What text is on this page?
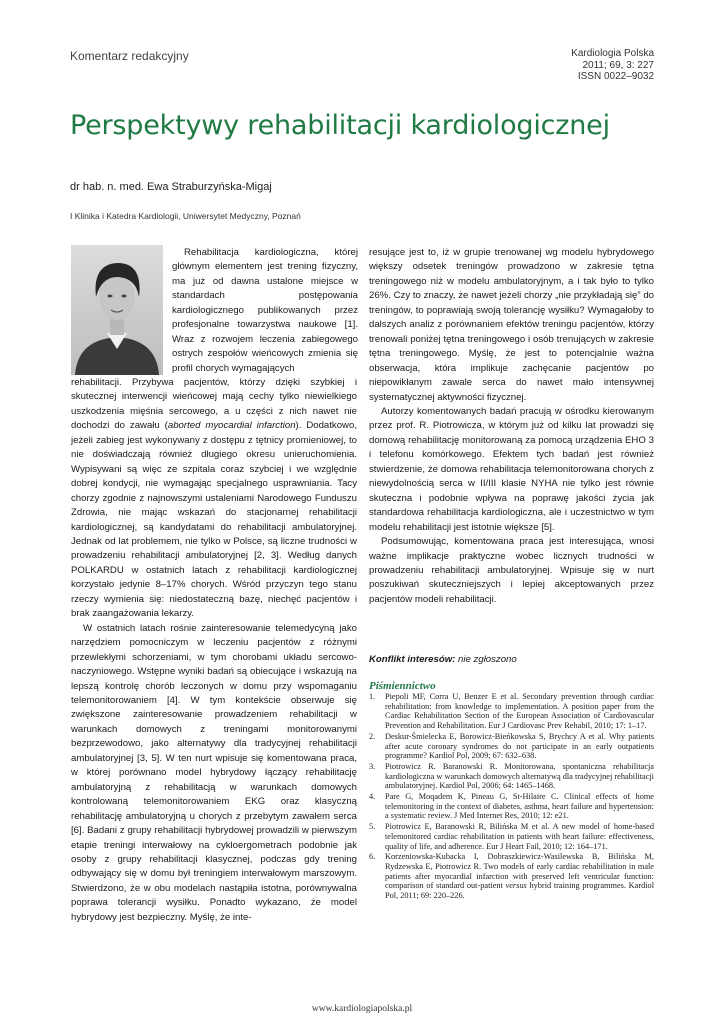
Komentarz redakcyjny	Kardiologia Polska
2011; 69, 3: 227
ISSN 0022–9032
Perspektywy rehabilitacji kardiologicznej
dr hab. n. med. Ewa Straburzyńska-Migaj
I Klinika i Katedra Kardiologii, Uniwersytet Medyczny, Poznań

Rehabilitacja kardiologiczna, której głównym elementem jest trening fizyczny, ma już od dawna ustalone miejsce w standardach postępowania kardiologicznego publikowanych przez profesjonalne towarzystwa naukowe [1]. Wraz z rozwojem leczenia zabiegowego ostrych zespołów wieńcowych zmienia się profil chorych wymagających

rehabilitacji. Przybywa pacjentów, którzy dzięki szybkiej i skutecznej interwencji wieńcowej mają cechy tylko niewielkiego uszkodzenia mięśnia sercowego, a u części z nich nawet nie dochodzi do zawału (aborted myocardial infarction). Dodatkowo, jeżeli zabieg jest wykonywany z dostępu z tętnicy promieniowej, to nie doświadczają również długiego okresu unieruchomienia. Wypisywani są więc ze szpitala coraz szybciej i we względnie dobrej kondycji, nie wymagając specjalnego usprawniania. Tacy chorzy zgodnie z najnowszymi ustaleniami Narodowego Funduszu Zdrowia, nie mając wskazań do stacjonarnej rehabilitacji kardiologicznej, są kandydatami do rehabilitacji ambulatoryjnej. Jednak od lat problemem, nie tylko w Polsce, są liczne trudności w prowadzeniu rehabilitacji ambulatoryjnej [2, 3]. Według danych POLKARDU w ostatnich latach z rehabilitacji kardiologicznej korzystało jedynie 8–17% chorych. Wśród przyczyn tego stanu rzeczy wymienia się: niedostateczną bazę, niechęć pacjentów i brak zaangażowania lekarzy.

W ostatnich latach rośnie zainteresowanie telemedycyną jako narzędziem pomocniczym w leczeniu pacjentów z różnymi przewlekłymi schorzeniami, w tym chorobami układu sercowo-naczyniowego. Wstępne wyniki badań są obiecujące i wskazują na lepszą kontrolę chorób leczonych w domu przy wspomaganiu telemonitorowaniem [4]. W tym kontekście obserwuje się zwiększone zainteresowanie prowadzeniem rehabilitacji w warunkach domowych z treningami monitorowanymi bezprzewodowo, jako alternatywy dla tradycyjnej rehabilitacji ambulatoryjnej [3, 5]. W ten nurt wpisuje się komentowana praca, w której porównano model hybrydowy łączący rehabilitację ambulatoryjną z rehabilitacją w warunkach domowych kontrolowaną telemonitorowaniem EKG oraz klasyczną rehabilitację ambulatoryjną u chorych z przebytym zawałem serca [6]. Badani z grupy rehabilitacji hybrydowej prowadzili w pierwszym etapie treningi interwałowy na cykloergometrach podobnie jak osoby z grupy rehabilitacji klasycznej, podczas gdy trening odbywający się w domu był treningiem interwałowym marszowym. Stwierdzono, że w obu modelach nastąpiła istotna, porównywalna poprawa tolerancji wysiłku. Ponadto wykazano, że model hybrydowy jest bezpieczny. Myślę, że inte-

resujące jest to, iż w grupie trenowanej wg modelu hybrydowego większy odsetek treningów prowadzono w zakresie tętna treningowego niż w modelu ambulatoryjnym, a i tak było to tylko 26%. Czy to znaczy, że nawet jeżeli chorzy „nie przykładają się” do treningów, to poprawiają swoją tolerancję wysiłku? Wymagałoby to dalszych analiz z porównaniem efektów treningu pacjentów, którzy trenowali poniżej tętna treningowego i osób trenujących w zakresie tętna treningowego. Myślę, że jest to potencjalnie ważna obserwacja, która implikuje zachęcanie pacjentów po niepowikłanym zawale serca do nawet mało intensywnej systematycznej aktywności fizycznej.

Autorzy komentowanych badań pracują w ośrodku kierowanym przez prof. R. Piotrowicza, w którym już od kilku lat prowadzi się domową rehabilitację monitorowaną za pomocą urządzenia EHO 3 i telefonu komórkowego. Efektem tych badań jest również stwierdzenie, że domowa rehabilitacja telemonitorowana chorych z niewydolnością serca w II/III klasie NYHA nie tylko jest równie skuteczna i podobnie wpływa na poprawę jakości życia jak standardowa rehabilitacja kardiologiczna, ale i uczestnictwo w tym modelu rehabilitacji jest istotnie większe [5].

Podsumowując, komentowana praca jest interesująca, wnosi ważne implikacje praktyczne wobec licznych trudności w prowadzeniu rehabilitacji ambulatoryjnej. Wpisuje się w nurt poszukiwań skuteczniejszych i lepiej akceptowanych przez pacjentów modeli rehabilitacji.

Konflikt interesów: nie zgłoszono
Piśmiennictwo
1.	Piepoli MF, Corra U, Benzer E et al. Secondary prevention through cardiac rehabilitation: from knowledge to implementation. A position paper from the Cardiac Rehabilitation Section of the European Association of Cardiovascular Prevention and Rehabilitation. Eur J Cardiovasc Prev Rehabil, 2010; 17: 1–17.
2.	Deskur-Śmielecka E, Borowicz-Bieńkowska S, Brychcy A et al. Why patients after acute coronary syndromes do not participate in an early outpatients programme? Kardiol Pol, 2009; 67: 632–638.
3.	Piotrowicz R. Baranowski R. Monitorowana, spontaniczna rehabilitacja kardiologiczna w warunkach domowych alternatywą dla tradycyjnej rehabilitacji ambulatoryjnej. Kardiol Pol, 2006; 64: 1465–1468.
4.	Pare G, Moqadem K, Pineau G, St-Hilaire C. Clinical effects of home telemonitoring in the context of diabetes, asthma, heart failure and hypertension: a systematic review. J Med Internet Res, 2010; 12: e21.
5.	Piotrowicz E, Baranowski R, Bilińska M et al. A new model of home-based telemonitored cardiac rehabilitation in patients with heart failure: effectiveness, quality of life, and adherence. Eur J Heart Fail, 2010; 12: 164–171.
6.	Korzeniowska-Kubacka I, Dobraszkiewicz-Wasilewska B, Bilińska M, Rydzewska E, Piotrowicz R. Two models of early cardiac rehabilitation in male patients after myocardial infarction with preserved left ventricular function: comparison of standard out-patient versus hybrid training programmes. Kardiol Pol, 2011; 69: 220–226.
www.kardiologiapolska.pl
